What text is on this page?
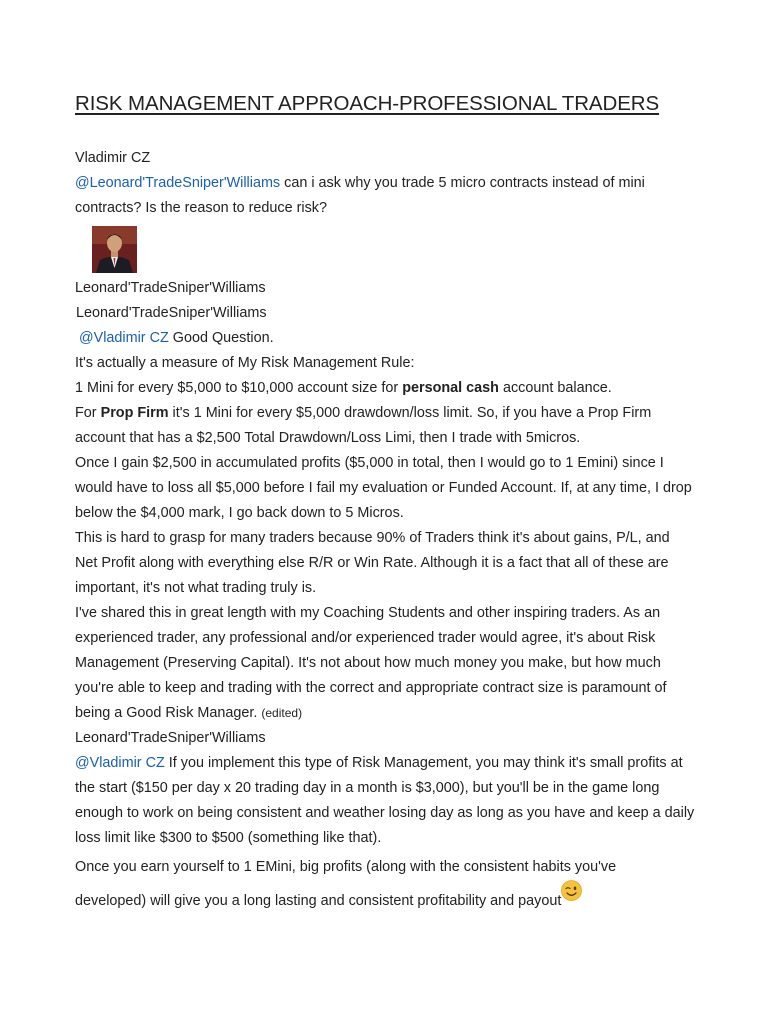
RISK MANAGEMENT APPROACH-PROFESSIONAL TRADERS

Vladimir CZ

@Leonard'TradeSniper'Williams can i ask why you trade 5 micro contracts instead of mini contracts? Is the reason to reduce risk?

Leonard'TradeSniper'Williams

Leonard'TradeSniper'Williams

@Vladimir CZ Good Question.

It's actually a measure of My Risk Management Rule:

1 Mini for every $5,000 to $10,000 account size for personal cash account balance.

For Prop Firm it's 1 Mini for every $5,000 drawdown/loss limit. So, if you have a Prop Firm account that has a $2,500 Total Drawdown/Loss Limi, then I trade with 5micros.

Once I gain $2,500 in accumulated profits ($5,000 in total, then I would go to 1 Emini) since I would have to loss all $5,000 before I fail my evaluation or Funded Account. If, at any time, I drop below the $4,000 mark, I go back down to 5 Micros.

This is hard to grasp for many traders because 90% of Traders think it's about gains, P/L, and Net Profit along with everything else R/R or Win Rate. Although it is a fact that all of these are important, it's not what trading truly is.

I've shared this in great length with my Coaching Students and other inspiring traders. As an experienced trader, any professional and/or experienced trader would agree, it's about Risk Management (Preserving Capital). It's not about how much money you make, but how much you're able to keep and trading with the correct and appropriate contract size is paramount of being a Good Risk Manager. (edited)

Leonard'TradeSniper'Williams

@Vladimir CZ If you implement this type of Risk Management, you may think it's small profits at the start ($150 per day x 20 trading day in a month is $3,000), but you'll be in the game long enough to work on being consistent and weather losing day as long as you have and keep a daily loss limit like $300 to $500 (something like that).

Once you earn yourself to 1 EMini, big profits (along with the consistent habits you've

developed) will give you a long lasting and consistent profitability and payout
